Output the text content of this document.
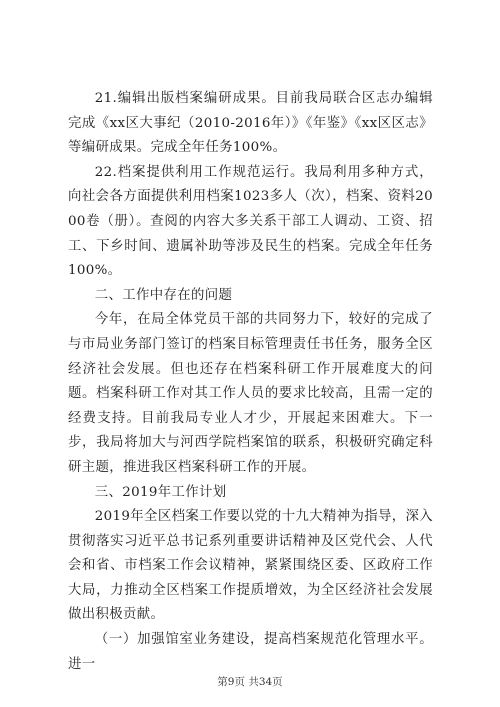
21.编辑出版档案编研成果。目前我局联合区志办编辑完成《xx区大事纪（2010-2016年）》《年鉴》《xx区区志》等编研成果。完成全年任务100%。

22.档案提供利用工作规范运行。我局利用多种方式，向社会各方面提供利用档案1023多人（次），档案、资料2000卷（册）。查阅的内容大多关系干部工人调动、工资、招工、下乡时间、遗属补助等涉及民生的档案。完成全年任务100%。

二、工作中存在的问题

今年，在局全体党员干部的共同努力下，较好的完成了与市局业务部门签订的档案目标管理责任书任务，服务全区经济社会发展。但也还存在档案科研工作开展难度大的问题。档案科研工作对其工作人员的要求比较高，且需一定的经费支持。目前我局专业人才少，开展起来困难大。下一步，我局将加大与河西学院档案馆的联系，积极研究确定科研主题，推进我区档案科研工作的开展。

三、2019年工作计划

2019年全区档案工作要以党的十九大精神为指导，深入贯彻落实习近平总书记系列重要讲话精神及区党代会、人代会和省、市档案工作会议精神，紧紧围绕区委、区政府工作大局，力推动全区档案工作提质增效，为全区经济社会发展做出积极贡献。

（一）加强馆室业务建设，提高档案规范化管理水平。进一

第9页 共34页
